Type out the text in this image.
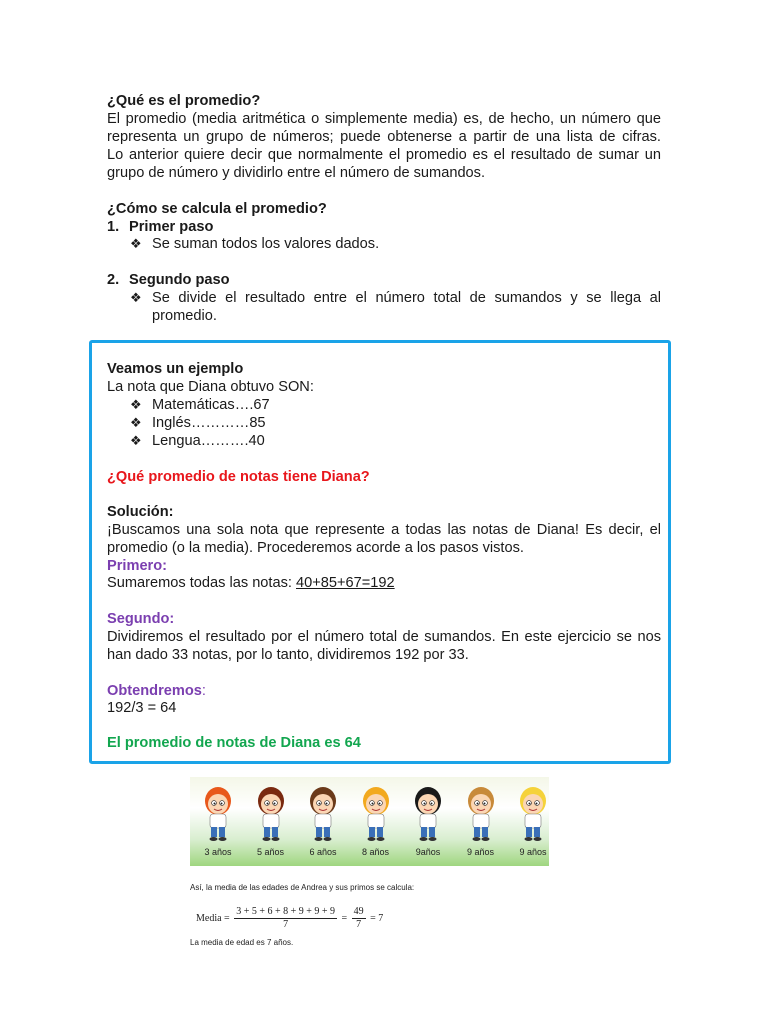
¿Qué es el promedio?
El promedio (media aritmética o simplemente media) es, de hecho, un número que
representa un grupo de números; puede obtenerse a partir de una lista de cifras.
Lo anterior quiere decir que normalmente el promedio es el resultado de sumar un
grupo de número y dividirlo entre el número de sumandos.
¿Cómo se calcula el promedio?
1. Primer paso
❖ Se suman todos los valores dados.
2. Segundo paso
❖ Se divide el resultado entre el número total de sumandos y se llega al
promedio.
Veamos un ejemplo
La nota que Diana obtuvo SON:
❖ Matemáticas….67
❖ Inglés…………85
❖ Lengua……….40
¿Qué promedio de notas tiene Diana?
Solución:
¡Buscamos una sola nota que represente a todas las notas de Diana! Es decir, el
promedio (o la media). Procederemos acorde a los pasos vistos.
Primero:
Sumaremos todas las notas: 40+85+67=192
Segundo:
Dividiremos el resultado por el número total de sumandos. En este ejercicio se nos
han dado 33 notas, por lo tanto, dividiremos 192 por 33.
Obtendremos:
192/3 = 64
El promedio de notas de Diana es 64
3 años	5 años	6 años	8 años	9años	9 años	9 años
Así, la media de las edades de Andrea y sus primos se calcula:
Media = $\frac{3 + 5 + 6 + 8 + 9 + 9 + 9}{7} = \frac{49}{7} = 7$
La media de edad es 7 años.
